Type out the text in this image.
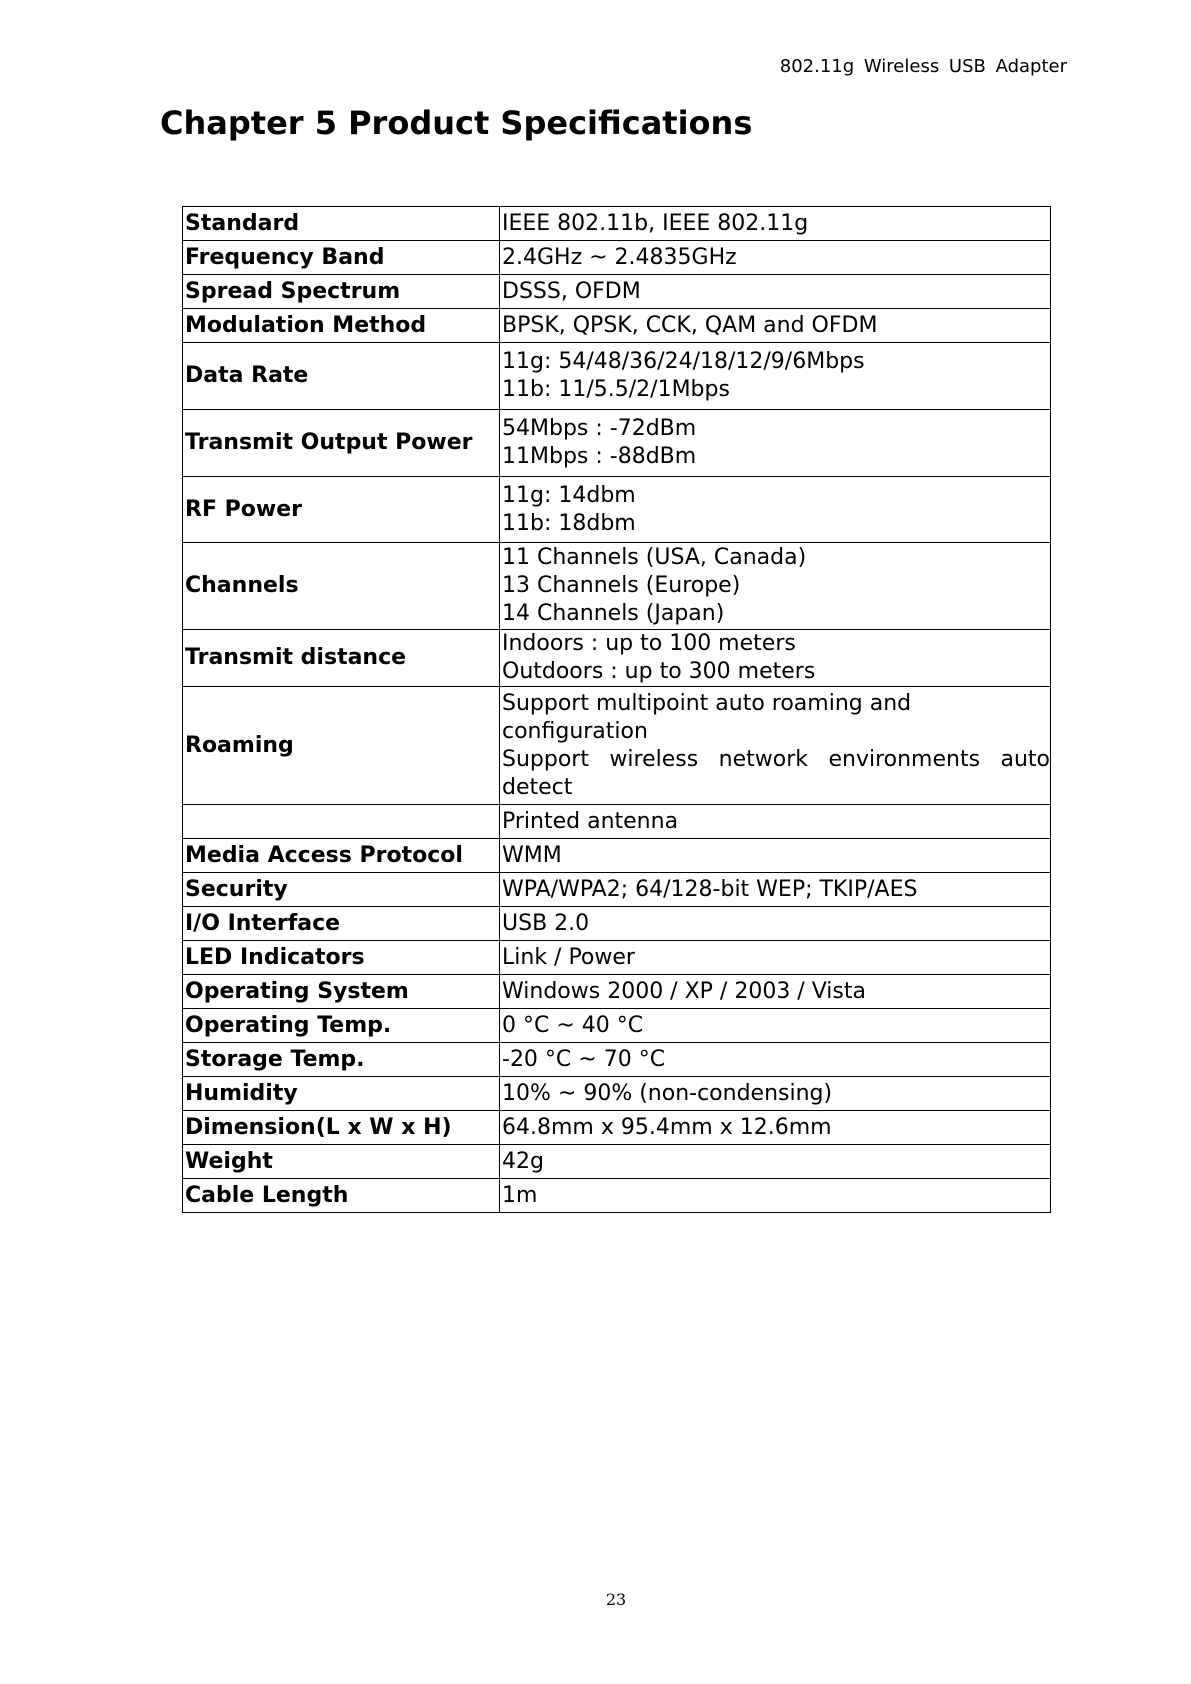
802.11g Wireless USB Adapter
Chapter 5 Product Specifications
Standard	IEEE 802.11b, IEEE 802.11g
Frequency Band	2.4GHz ~ 2.4835GHz
Spread Spectrum	DSSS, OFDM
Modulation Method	BPSK, QPSK, CCK, QAM and OFDM
Data Rate	11g: 54/48/36/24/18/12/9/6Mbps
11b: 11/5.5/2/1Mbps

Transmit Output Power	54Mbps : -72dBm
11Mbps : -88dBm

RF Power	11g: 14dbm
11b: 18dbm

Channels	11 Channels (USA, Canada)
13 Channels (Europe)
14 Channels (Japan)

Transmit distance	Indoors : up to 100 meters
Outdoors : up to 300 meters

Roaming	Support multipoint auto roaming and configuration
Support wireless network environments auto detect

	Printed antenna
Media Access Protocol	WMM
Security	WPA/WPA2; 64/128-bit WEP; TKIP/AES
I/O Interface	USB 2.0
LED Indicators	Link / Power
Operating System	Windows 2000 / XP / 2003 / Vista
Operating Temp.	0 °C ~ 40 °C
Storage Temp.	-20 °C ~ 70 °C
Humidity	10% ~ 90% (non-condensing)
Dimension(L x W x H)	64.8mm x 95.4mm x 12.6mm
Weight	42g
Cable Length	1m
23
